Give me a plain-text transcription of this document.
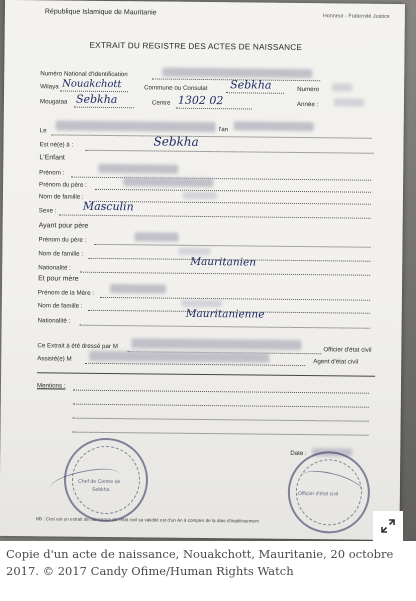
République Islamique de Mauritanie
Honneur - Fraternité Justice
EXTRAIT DU REGISTRE DES ACTES DE NAISSANCE
Numéro National d'Identification
Wilaya Nouakchott	Commune ou Consulat Sebkha	Numéro
Mougataa Sebkha	Centre 1302 02	Année :
Le	l'an
Est né(e) à :	Sebkha
L'Enfant
Prénom :
Prénom du père :
Nom de famille :
Sexe : Masculin
Ayant pour père
Prénom du père :
Nom de famille :
Nationalité :	Mauritanien
Et pour mère
Prénom de la Mère :
Nom de famille :
Nationalité :
Mauritanienne
Ce Extrait à été dressé par M	Officier d'état civil
Assisté(e) M	Agent d'état civil
Mentions :
Date :
Chef de Centre de
Sebkha
Officier d'état civil
NB : Ceci est un extrait de naissance de l'état civil sa validité est d'un An à compter de la date d'établissement

Copie d'un acte de naissance, Nouakchott, Mauritanie, 20 octobre 2017. © 2017 Candy Ofime/Human Rights Watch
